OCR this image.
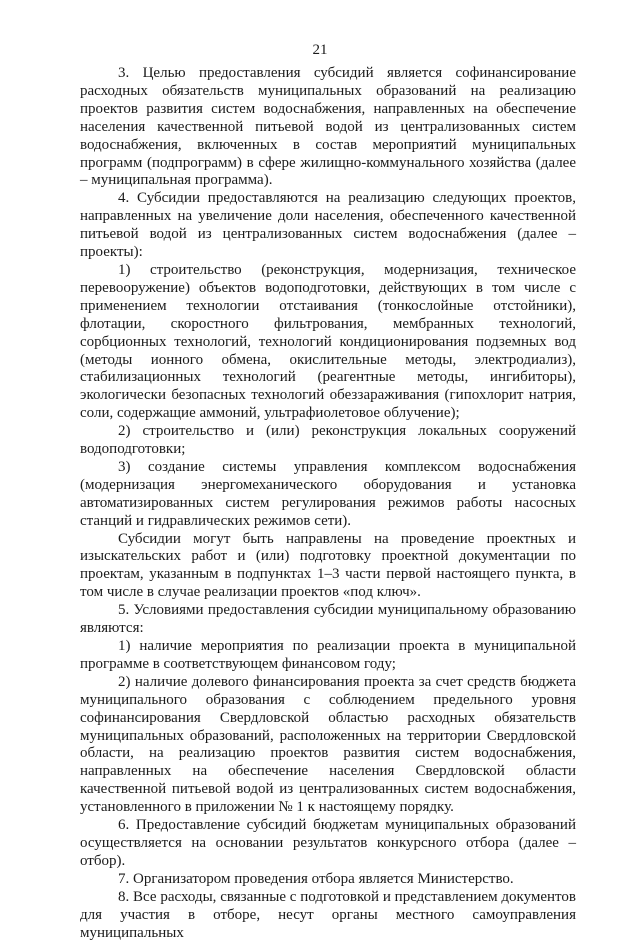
21

3. Целью предоставления субсидий является софинансирование расходных обязательств муниципальных образований на реализацию проектов развития систем водоснабжения, направленных на обеспечение населения качественной питьевой водой из централизованных систем водоснабжения, включенных в состав мероприятий муниципальных программ (подпрограмм) в сфере жилищно-коммунального хозяйства (далее – муниципальная программа).

4. Субсидии предоставляются на реализацию следующих проектов, направленных на увеличение доли населения, обеспеченного качественной питьевой водой из централизованных систем водоснабжения (далее – проекты):

1) строительство (реконструкция, модернизация, техническое перевооружение) объектов водоподготовки, действующих в том числе с применением технологии отстаивания (тонкослойные отстойники), флотации, скоростного фильтрования, мембранных технологий, сорбционных технологий, технологий кондиционирования подземных вод (методы ионного обмена, окислительные методы, электродиализ), стабилизационных технологий (реагентные методы, ингибиторы), экологически безопасных технологий обеззараживания (гипохлорит натрия, соли, содержащие аммоний, ультрафиолетовое облучение);

2) строительство и (или) реконструкция локальных сооружений водоподготовки;

3) создание системы управления комплексом водоснабжения (модернизация энергомеханического оборудования и установка автоматизированных систем регулирования режимов работы насосных станций и гидравлических режимов сети).

Субсидии могут быть направлены на проведение проектных и изыскательских работ и (или) подготовку проектной документации по проектам, указанным в подпунктах 1–3 части первой настоящего пункта, в том числе в случае реализации проектов «под ключ».

5. Условиями предоставления субсидии муниципальному образованию являются:

1) наличие мероприятия по реализации проекта в муниципальной программе в соответствующем финансовом году;

2) наличие долевого финансирования проекта за счет средств бюджета муниципального образования с соблюдением предельного уровня софинансирования Свердловской областью расходных обязательств муниципальных образований, расположенных на территории Свердловской области, на реализацию проектов развития систем водоснабжения, направленных на обеспечение населения Свердловской области качественной питьевой водой из централизованных систем водоснабжения, установленного в приложении № 1 к настоящему порядку.

6. Предоставление субсидий бюджетам муниципальных образований осуществляется на основании результатов конкурсного отбора (далее – отбор).

7. Организатором проведения отбора является Министерство.

8. Все расходы, связанные с подготовкой и представлением документов для участия в отборе, несут органы местного самоуправления муниципальных
